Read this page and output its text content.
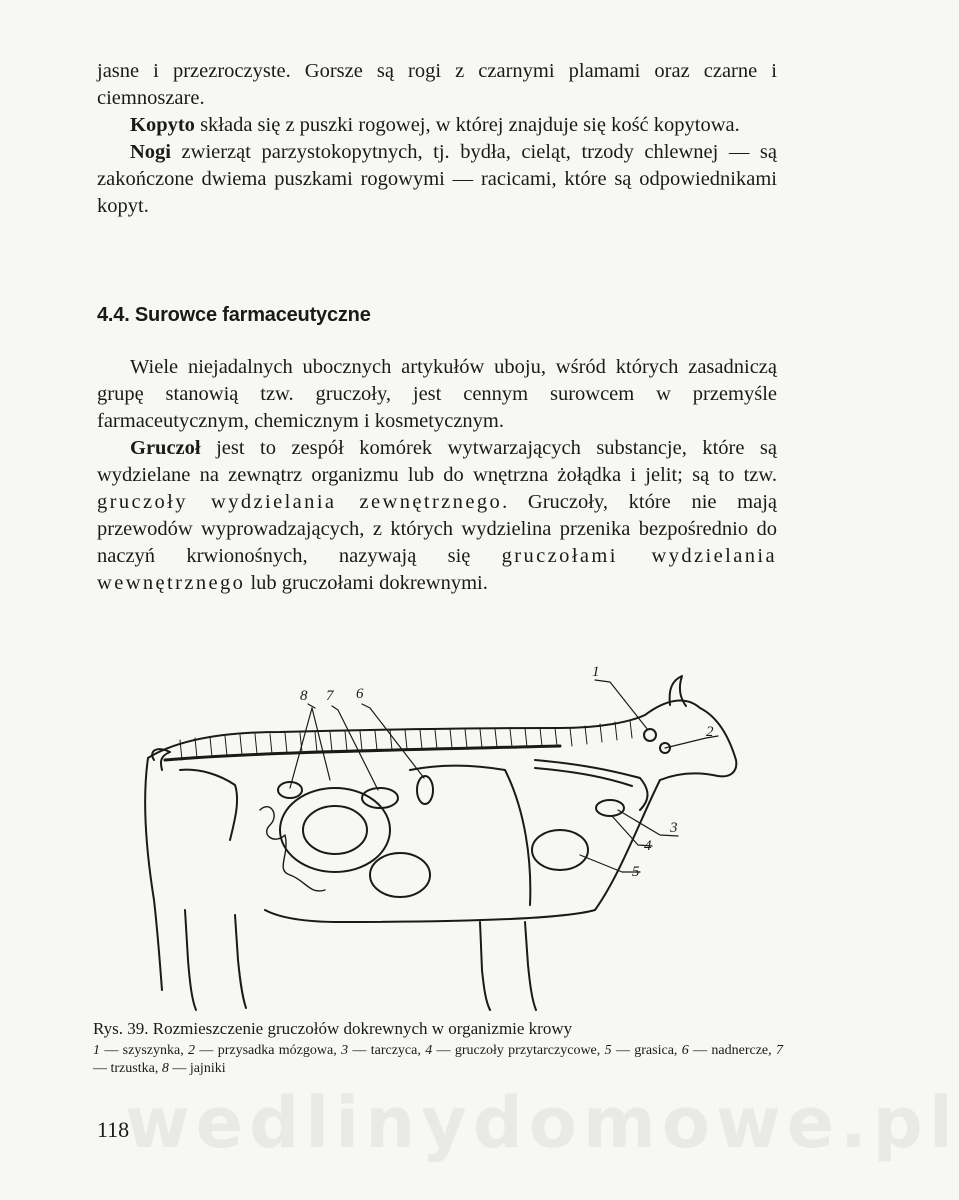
jasne i przezroczyste. Gorsze są rogi z czarnymi plamami oraz czarne i ciemnoszare.

Kopyto składa się z puszki rogowej, w której znajduje się kość kopytowa.

Nogi zwierząt parzystokopytnych, tj. bydła, cieląt, trzody chlewnej — są zakończone dwiema puszkami rogowymi — racicami, które są odpowiednikami kopyt.

4.4. Surowce farmaceutyczne

Wiele niejadalnych ubocznych artykułów uboju, wśród których zasadniczą grupę stanowią tzw. gruczoły, jest cennym surowcem w przemyśle farmaceutycznym, chemicznym i kosmetycznym.

Gruczoł jest to zespół komórek wytwarzających substancje, które są wydzielane na zewnątrz organizmu lub do wnętrzna żołądka i jelit; są to tzw. gruczoły wydzielania zewnętrznego. Gruczoły, które nie mają przewodów wyprowadzających, z których wydzielina przenika bezpośrednio do naczyń krwionośnych, nazywają się gruczołami wydzielania wewnętrznego lub gruczołami dokrewnymi.

8 7 6
1
2
3
4
5

Rys. 39. Rozmieszczenie gruczołów dokrewnych w organizmie krowy

1 — szyszynka, 2 — przysadka mózgowa, 3 — tarczyca, 4 — gruczoły przytarczycowe, 5 — grasica, 6 — nadnercze, 7 — trzustka, 8 — jajniki

wedlinydomowe.pl

118
